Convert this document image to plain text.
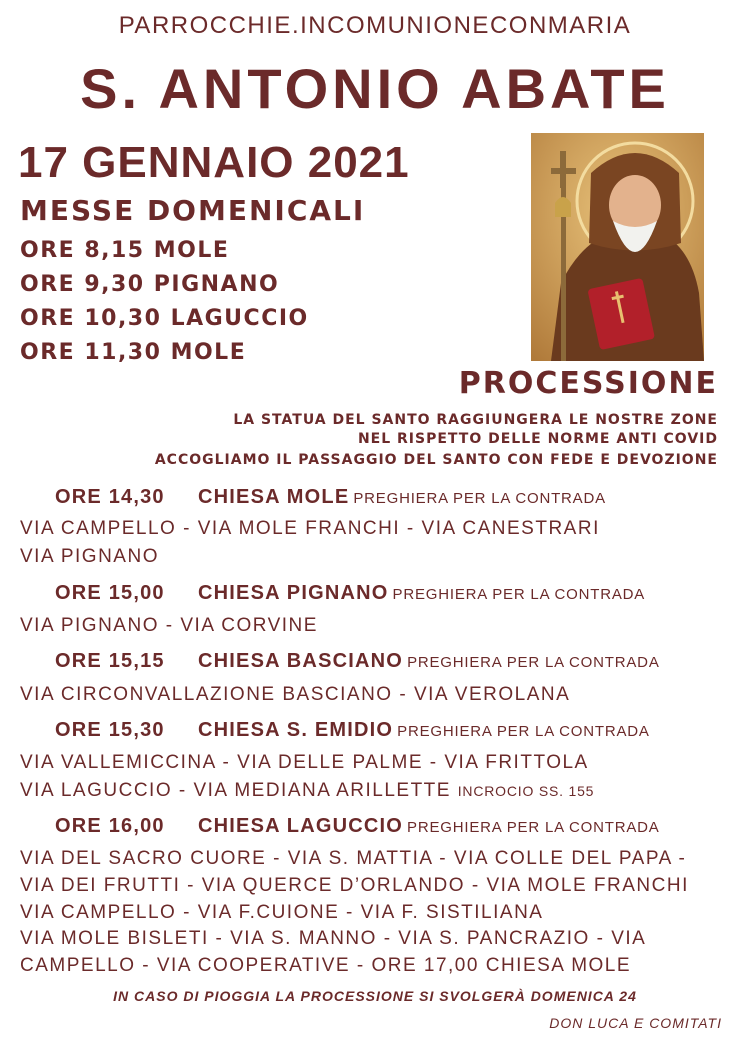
PARROCCHIE.INCOMUNIONECONMARIA
S. ANTONIO ABATE
17 GENNAIO 2021
MESSE DOMENICALI
ORE 8,15 MOLE
ORE 9,30 PIGNANO
ORE 10,30 LAGUCCIO
ORE 11,30 MOLE
PROCESSIONE
LA STATUA DEL SANTO RAGGIUNGERA LE NOSTRE ZONE
NEL RISPETTO DELLE NORME ANTI COVID
ACCOGLIAMO IL PASSAGGIO DEL SANTO CON FEDE E DEVOZIONE
ORE 14,30 CHIESA MOLE PREGHIERA PER LA CONTRADA
VIA CAMPELLO - VIA MOLE FRANCHI - VIA CANESTRARI
VIA PIGNANO
ORE 15,00 CHIESA PIGNANO PREGHIERA PER LA CONTRADA
VIA PIGNANO - VIA CORVINE
ORE 15,15 CHIESA BASCIANO PREGHIERA PER LA CONTRADA
VIA CIRCONVALLAZIONE BASCIANO - VIA VEROLANA
ORE 15,30 CHIESA S. EMIDIO PREGHIERA PER LA CONTRADA
VIA VALLEMICCINA - VIA DELLE PALME - VIA FRITTOLA
VIA LAGUCCIO - VIA MEDIANA ARILLETTE INCROCIO SS. 155
ORE 16,00 CHIESA LAGUCCIO PREGHIERA PER LA CONTRADA
VIA DEL SACRO CUORE - VIA S. MATTIA - VIA COLLE DEL PAPA -
VIA DEI FRUTTI - VIA QUERCE D’ORLANDO - VIA MOLE FRANCHI
VIA CAMPELLO - VIA F.CUIONE - VIA F. SISTILIANA
VIA MOLE BISLETI - VIA S. MANNO - VIA S. PANCRAZIO - VIA
CAMPELLO - VIA COOPERATIVE - ORE 17,00 CHIESA MOLE
IN CASO DI PIOGGIA LA PROCESSIONE SI SVOLGERÀ DOMENICA 24
DON LUCA E COMITATI
